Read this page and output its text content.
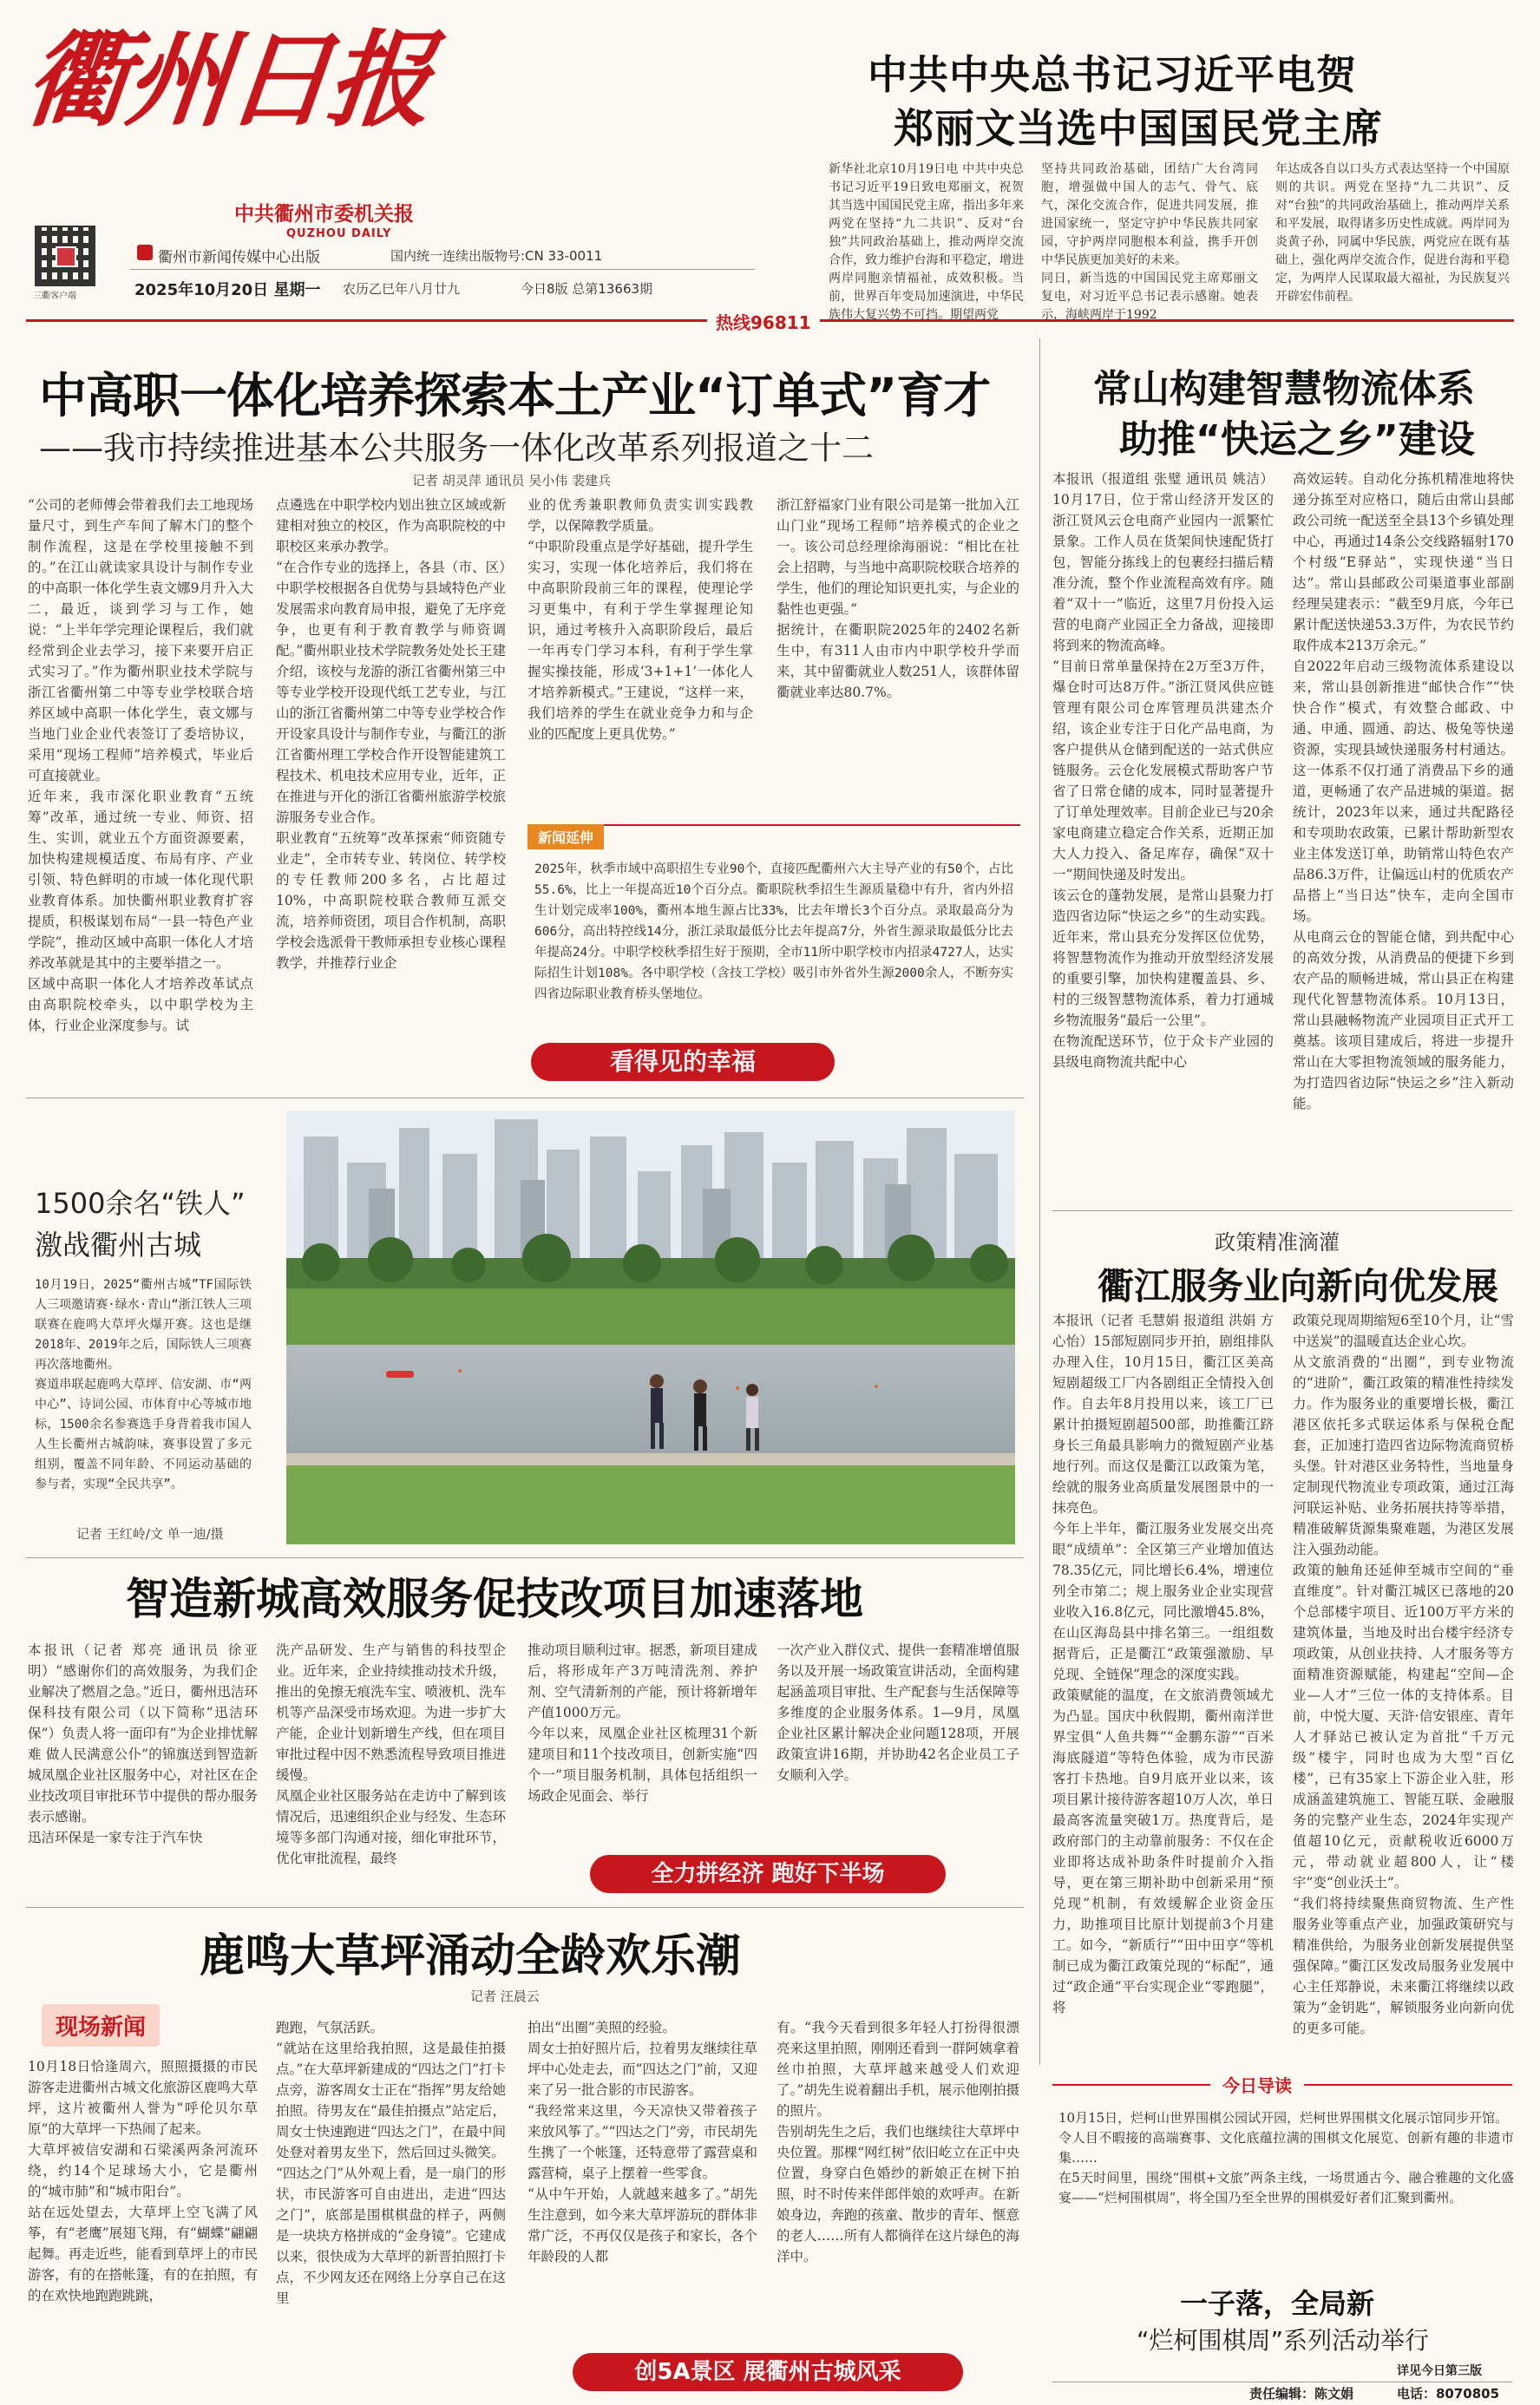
衢州日报
中共衢州市委机关报
QUZHOU DAILY
三衢客户端
衢州市新闻传媒中心出版	国内统一连续出版物号:CN 33-0011
2025年10月20日 星期一 农历乙巳年八月廿九	今日8版 总第13663期
热线96811
中共中央总书记习近平电贺
郑丽文当选中国国民党主席
新华社北京10月19日电 中共中央总书记习近平19日致电郑丽文，祝贺其当选中国国民党主席，指出多年来两党在坚持“九二共识”、反对“台独”共同政治基础上，推动两岸交流合作，致力维护台海和平稳定，增进两岸同胞亲情福祉，成效积极。当前，世界百年变局加速演进，中华民族伟大复兴势不可挡。期望两党
坚持共同政治基础，团结广大台湾同胞，增强做中国人的志气、骨气、底气，深化交流合作，促进共同发展，推进国家统一，坚定守护中华民族共同家园，守护两岸同胞根本利益，携手开创中华民族更加美好的未来。
同日，新当选的中国国民党主席郑丽文复电，对习近平总书记表示感谢。她表示，海峡两岸于1992
年达成各自以口头方式表达坚持一个中国原则的共识。两党在坚持“九二共识”、反对“台独”的共同政治基础上，推动两岸关系和平发展，取得诸多历史性成就。两岸同为炎黄子孙，同属中华民族，两党应在既有基础上，强化两岸交流合作，促进台海和平稳定，为两岸人民谋取最大福祉，为民族复兴开辟宏伟前程。
中高职一体化培养探索本土产业“订单式”育才
——我市持续推进基本公共服务一体化改革系列报道之十二
记者 胡灵萍 通讯员 吴小伟 裴建兵
“公司的老师傅会带着我们去工地现场量尺寸，到生产车间了解木门的整个制作流程，这是在学校里接触不到的。”在江山就读家具设计与制作专业的中高职一体化学生袁文娜9月升入大二，最近，谈到学习与工作，她说：“上半年学完理论课程后，我们就经常到企业去学习，接下来要开启正式实习了。”作为衢州职业技术学院与浙江省衢州第二中等专业学校联合培养区域中高职一体化学生，袁文娜与当地门业企业代表签订了委培协议，采用“现场工程师”培养模式，毕业后可直接就业。
近年来，我市深化职业教育“五统筹”改革，通过统一专业、师资、招生、实训，就业五个方面资源要素，加快构建规模适度、布局有序、产业引领、特色鲜明的市域一体化现代职业教育体系。加快衢州职业教育扩容提质，积极谋划布局“一县一特色产业学院”，推动区域中高职一体化人才培养改革就是其中的主要举措之一。
区域中高职一体化人才培养改革试点由高职院校牵头，以中职学校为主体，行业企业深度参与。试
点遴选在中职学校内划出独立区域或新建相对独立的校区，作为高职院校的中职校区来承办教学。
“在合作专业的选择上，各县（市、区）中职学校根据各自优势与县域特色产业发展需求向教育局申报，避免了无序竞争，也更有利于教育教学与师资调配。”衢州职业技术学院教务处处长王建介绍，该校与龙游的浙江省衢州第三中等专业学校开设现代纸工艺专业，与江山的浙江省衢州第二中等专业学校合作开设家具设计与制作专业，与衢江的浙江省衢州理工学校合作开设智能建筑工程技术、机电技术应用专业，近年，正在推进与开化的浙江省衢州旅游学校旅游服务专业合作。
职业教育“五统筹”改革探索“师资随专业走”，全市转专业、转岗位、转学校的专任教师200多名，占比超过10%，中高职院校联合教师互派交流，培养师资团，项目合作机制，高职学校会选派骨干教师承担专业核心课程教学，并推荐行业企
业的优秀兼职教师负责实训实践教学，以保障教学质量。
“中职阶段重点是学好基础，提升学生实习，实现一体化培养后，我们将在中高职阶段前三年的课程，使理论学习更集中，有利于学生掌握理论知识，通过考核升入高职阶段后，最后一年再专门学习本科，有利于学生掌握实操技能，形成‘3+1+1’一体化人才培养新模式。”王建说，“这样一来，我们培养的学生在就业竞争力和与企业的匹配度上更具优势。”
浙江舒福家门业有限公司是第一批加入江山门业“现场工程师”培养模式的企业之一。该公司总经理徐海丽说：“相比在社会上招聘，与当地中高职院校联合培养的学生，他们的理论知识更扎实，与企业的黏性也更强。”
据统计，在衢职院2025年的2402名新生中，有311人由市内中职学校升学而来，其中留衢就业人数251人，该群体留衢就业率达80.7%。
新闻延伸
2025年，秋季市域中高职招生专业90个，直接匹配衢州六大主导产业的有50个，占比55.6%，比上一年提高近10个百分点。衢职院秋季招生生源质量稳中有升，省内外招生计划完成率100%，衢州本地生源占比33%，比去年增长3个百分点。录取最高分为606分，高出特控线14分，浙江录取最低分比去年提高7分，外省生源录取最低分比去年提高24分。中职学校秋季招生好于预期，全市11所中职学校市内招录4727人，达实际招生计划108%。各中职学校（含技工学校）吸引市外省外生源2000余人，不断夯实四省边际职业教育桥头堡地位。
看得见的幸福
常山构建智慧物流体系
助推“快运之乡”建设
本报讯（报道组 张璧 通讯员 姚洁）10月17日，位于常山经济开发区的浙江贤风云仓电商产业园内一派繁忙景象。工作人员在货架间快速配货打包，智能分拣线上的包裹经扫描后精准分流，整个作业流程高效有序。随着“双十一”临近，这里7月份投入运营的电商产业园正全力备战，迎接即将到来的物流高峰。
“目前日常单量保持在2万至3万件，爆仓时可达8万件。”浙江贤风供应链管理有限公司仓库管理员洪建杰介绍，该企业专注于日化产品电商，为客户提供从仓储到配送的一站式供应链服务。云仓化发展模式帮助客户节省了日常仓储的成本，同时显著提升了订单处理效率。目前企业已与20余家电商建立稳定合作关系，近期正加大人力投入、备足库存，确保“双十一”期间快递及时发出。
该云仓的蓬勃发展，是常山县聚力打造四省边际“快运之乡”的生动实践。近年来，常山县充分发挥区位优势，将智慧物流作为推动开放型经济发展的重要引擎，加快构建覆盖县、乡、村的三级智慧物流体系，着力打通城乡物流服务“最后一公里”。
在物流配送环节，位于众卡产业园的县级电商物流共配中心
高效运转。自动化分拣机精准地将快递分拣至对应格口，随后由常山县邮政公司统一配送至全县13个乡镇处理中心，再通过14条公交线路辐射170个村级“E驿站”，实现快递“当日达”。常山县邮政公司渠道事业部副经理吴建表示：“截至9月底，今年已累计配送快递53.3万件，为农民节约取件成本213万余元。”
自2022年启动三级物流体系建设以来，常山县创新推进“邮快合作”“快快合作”模式，有效整合邮政、中通、申通、圆通、韵达、极兔等快递资源，实现县域快递服务村村通达。这一体系不仅打通了消费品下乡的通道，更畅通了农产品进城的渠道。据统计，2023年以来，通过共配路径和专项助农政策，已累计帮助新型农业主体发送订单，助销常山特色农产品86.3万件，让偏远山村的优质农产品搭上“当日达”快车，走向全国市场。
从电商云仓的智能仓储，到共配中心的高效分拨，从消费品的便捷下乡到农产品的顺畅进城，常山县正在构建现代化智慧物流体系。10月13日，常山县融畅物流产业园项目正式开工奠基。该项目建成后，将进一步提升常山在大零担物流领域的服务能力，为打造四省边际“快运之乡”注入新动能。
1500余名“铁人”
激战衢州古城
10月19日，2025“衢州古城”TF国际铁人三项邀请赛·绿水·青山“浙江铁人三项联赛在鹿鸣大草坪火爆开赛。这也是继2018年、2019年之后，国际铁人三项赛再次落地衢州。
赛道串联起鹿鸣大草坪、信安湖、市“两中心”、诗词公园、市体育中心等城市地标，1500余名参赛选手身背着我市国人人生长衢州古城韵味，赛事设置了多元组别，覆盖不同年龄、不同运动基础的参与者，实现“全民共享”。
记者 王红岭/文 单一迪/摄
政策精准滴灌
衢江服务业向新向优发展
本报讯（记者 毛慧娟 报道组 洪娟 方心怡）15部短剧同步开拍，剧组排队办理入住，10月15日，衢江区美高短剧超级工厂内各剧组正全情投入创作。自去年8月投用以来，该工厂已累计拍摄短剧超500部，助推衢江跻身长三角最具影响力的微短剧产业基地行列。而这仅是衢江以政策为笔，绘就的服务业高质量发展图景中的一抹亮色。
今年上半年，衢江服务业发展交出亮眼“成绩单”：全区第三产业增加值达78.35亿元，同比增长6.4%，增速位列全市第二；规上服务业企业实现营业收入16.8亿元，同比激增45.8%，在山区海岛县中排名第三。一组组数据背后，正是衢江“政策强激励、早兑现、全链保”理念的深度实践。
政策赋能的温度，在文旅消费领域尤为凸显。国庆中秋假期，衢州南洋世界宝俱“人鱼共舞”“金鹏东游”“百米海底隧道”等特色体验，成为市民游客打卡热地。自9月底开业以来，该项目累计接待游客超10万人次，单日最高客流量突破1万。热度背后，是政府部门的主动靠前服务：不仅在企业即将达成补助条件时提前介入指导，更在第三期补助中创新采用“预兑现”机制，有效缓解企业资金压力，助推项目比原计划提前3个月建工。如今，“新质行”“田中田亨”等机制已成为衢江政策兑现的“标配”，通过“政企通”平台实现企业“零跑腿”，将
政策兑现周期缩短6至10个月，让“雪中送炭”的温暖直达企业心坎。
从文旅消费的“出圈”，到专业物流的“进阶”，衢江政策的精准性持续发力。作为服务业的重要增长极，衢江港区依托多式联运体系与保税仓配套，正加速打造四省边际物流商贸桥头堡。针对港区业务特性，当地量身定制现代物流业专项政策，通过江海河联运补贴、业务拓展扶持等举措，精准破解货源集聚难题，为港区发展注入强劲动能。
政策的触角还延伸至城市空间的“垂直维度”。针对衢江城区已落地的20个总部楼宇项目、近100万平方米的建筑体量，当地及时出台楼宇经济专项政策，从创业扶持、人才服务等方面精准资源赋能，构建起“空间—企业—人才”三位一体的支持体系。目前，中悦大厦、天浒·信安银座、青年人才驿站已被认定为首批“千万元级”楼宇，同时也成为大型“百亿楼”，已有35家上下游企业入驻，形成涵盖建筑施工、智能互联、金融服务的完整产业生态，2024年实现产值超10亿元，贡献税收近6000万元，带动就业超800人，让“楼宇”变“创业沃土”。
“我们将持续聚焦商贸物流、生产性服务业等重点产业，加强政策研究与精准供给，为服务业创新发展提供坚强保障。”衢江区发改局服务业发展中心主任郑静说，未来衢江将继续以政策为“金钥匙”，解锁服务业向新向优的更多可能。
智造新城高效服务促技改项目加速落地
本报讯（记者 郑亮 通讯员 徐亚明）“感谢你们的高效服务，为我们企业解决了燃眉之急。”近日，衢州迅洁环保科技有限公司（以下简称“迅洁环保”）负责人将一面印有“为企业排忧解难 做人民满意公仆”的锦旗送到智造新城凤凰企业社区服务中心，对社区在企业技改项目审批环节中提供的帮办服务表示感谢。
迅洁环保是一家专注于汽车快
洗产品研发、生产与销售的科技型企业。近年来，企业持续推动技术升级，推出的免擦无痕洗车宝、喷液机、洗车机等产品深受市场欢迎。为进一步扩大产能，企业计划新增生产线，但在项目审批过程中因不熟悉流程导致项目推进缓慢。
凤凰企业社区服务站在走访中了解到该情况后，迅速组织企业与经发、生态环境等多部门沟通对接，细化审批环节，优化审批流程，最终
推动项目顺利过审。据悉，新项目建成后，将形成年产3万吨清洗剂、养护剂、空气清新剂的产能，预计将新增年产值1000万元。
今年以来，凤凰企业社区梳理31个新建项目和11个技改项目，创新实施“四个一”项目服务机制，具体包括组织一场政企见面会、举行
一次产业入群仪式、提供一套精准增值服务以及开展一场政策宣讲活动，全面构建起涵盖项目审批、生产配套与生活保障等多维度的企业服务体系。1—9月，凤凰企业社区累计解决企业问题128项，开展政策宣讲16期，并协助42名企业员工子女顺利入学。
全力拼经济 跑好下半场
鹿鸣大草坪涌动全龄欢乐潮
记者 汪晨云
现场新闻
10月18日恰逢周六，照照摄摄的市民游客走进衢州古城文化旅游区鹿鸣大草坪，这片被衢州人誉为“呼伦贝尔草原”的大草坪一下热闹了起来。
大草坪被信安湖和石梁溪两条河流环绕，约14个足球场大小，它是衢州的“城市肺”和“城市阳台”。
站在远处望去，大草坪上空飞满了风筝，有“老鹰”展翅飞翔，有“蝴蝶”翩翩起舞。再走近些，能看到草坪上的市民游客，有的在搭帐篷，有的在拍照，有的在欢快地跑跑跳跳，
跑跑，气氛活跃。
“就站在这里给我拍照，这是最佳拍摄点。”在大草坪新建成的“四达之门”打卡点旁，游客周女士正在“指挥”男友给她拍照。待男友在“最佳拍摄点”站定后，周女士快速跑进“四达之门”，在最中间处登对着男友坐下，然后回过头微笑。
“四达之门”从外观上看，是一扇门的形状，市民游客可自由进出，走进“四达之门”，底部是围棋棋盘的样子，两侧是一块块方格拼成的“金身镜”。它建成以来，很快成为大草坪的新晋拍照打卡点，不少网友还在网络上分享自己在这里
拍出“出圈”美照的经验。
周女士拍好照片后，拉着男友继续往草坪中心处走去，而“四达之门”前，又迎来了另一批合影的市民游客。
“我经常来这里，今天凉快又带着孩子来放风筝了。”“四达之门”旁，市民胡先生携了一个帐篷，还特意带了露营桌和露营椅，桌子上摆着一些零食。
“从中午开始，人就越来越多了。”胡先生注意到，如今来大草坪游玩的群体非常广泛，不再仅仅是孩子和家长，各个年龄段的人都
有。“我今天看到很多年轻人打扮得很漂亮来这里拍照，刚刚还看到一群阿姨拿着丝巾拍照，大草坪越来越受人们欢迎了。”胡先生说着翻出手机，展示他刚拍摄的照片。
告别胡先生之后，我们也继续往大草坪中央位置。那棵“网红树”依旧屹立在正中央位置，身穿白色婚纱的新娘正在树下拍照，时不时传来伴郎伴娘的欢呼声。在新娘身边，奔跑的孩童、散步的青年、惬意的老人……所有人都徜徉在这片绿色的海洋中。
创5A景区 展衢州古城风采
今日导读
10月15日，烂柯山世界围棋公园试开园，烂柯世界围棋文化展示馆同步开馆。
令人目不暇接的高端赛事、文化底蕴拉满的围棋文化展览、创新有趣的非遗市集……
在5天时间里，围绕“围棋+文旅”两条主线，一场贯通古今、融合雅趣的文化盛宴——“烂柯围棋周”，将全国乃至全世界的围棋爱好者们汇聚到衢州。
一子落，全局新
“烂柯围棋周”系列活动举行
详见今日第三版
责任编辑：陈文娟	电话：8070805
